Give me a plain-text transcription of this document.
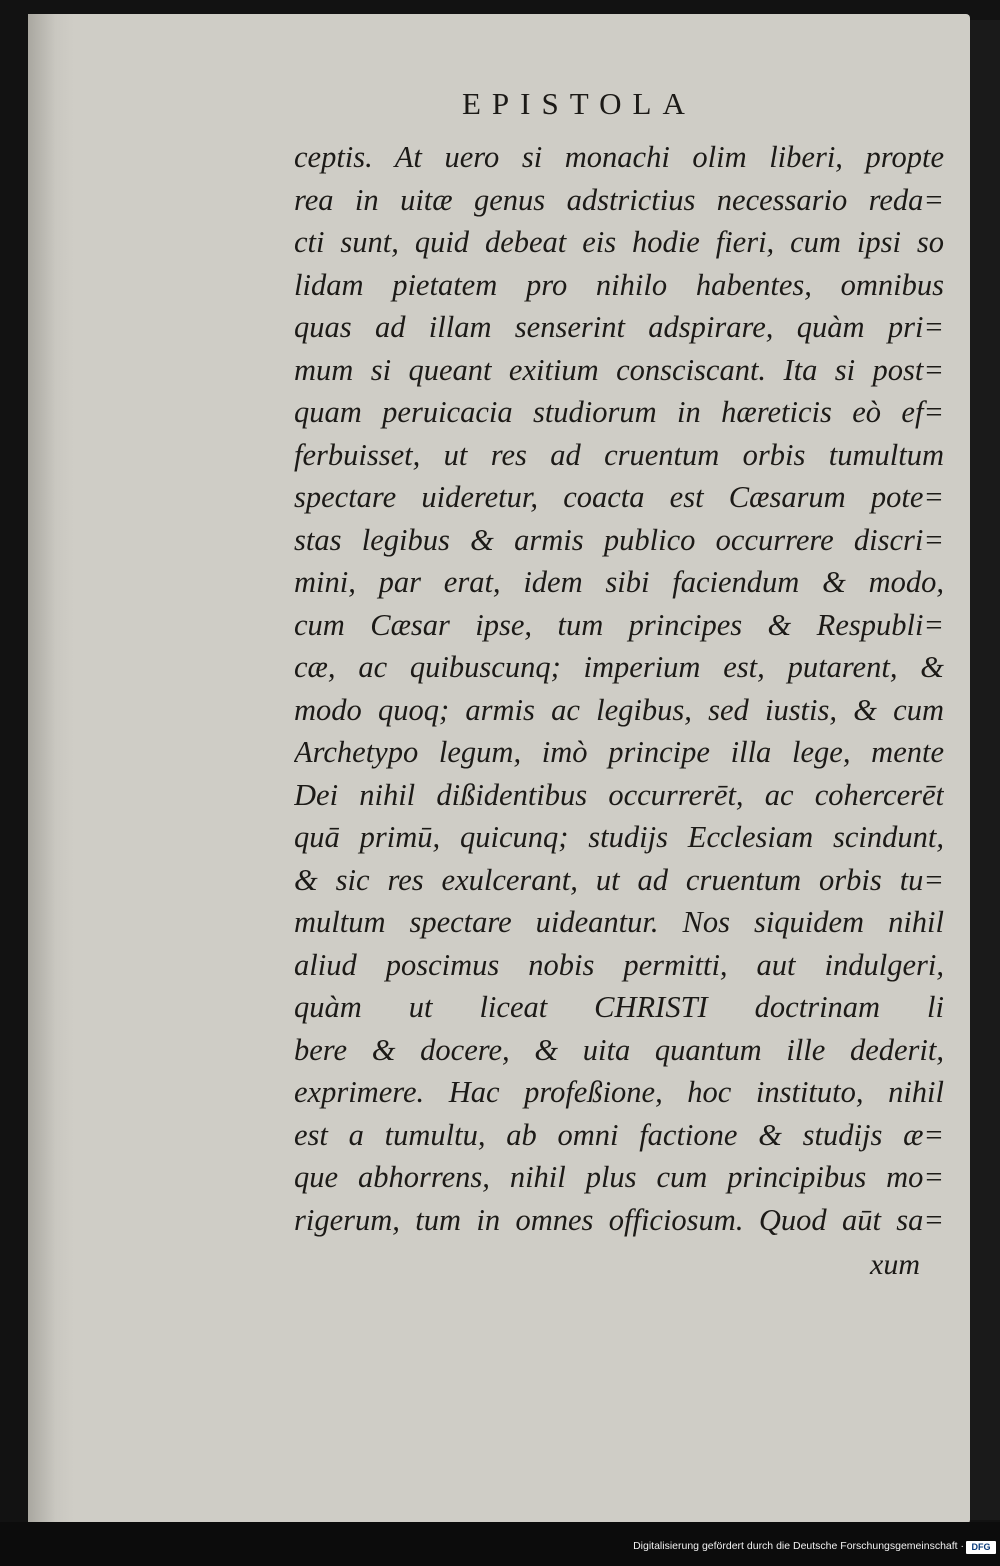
EPISTOLA
ceptis. At uero si monachi olim liberi, propte
rea in uitæ genus adstrictius necessario reda=
cti sunt, quid debeat eis hodie fieri, cum ipsi so
lidam pietatem pro nihilo habentes, omnibus
quas ad illam senserint adspirare, quàm pri=
mum si queant exitium consciscant. Ita si post=
quam peruicacia studiorum in hæreticis eò ef=
ferbuisset, ut res ad cruentum orbis tumultum
spectare uideretur, coacta est Cæsarum pote=
stas legibus & armis publico occurrere discri=
mini, par erat, idem sibi faciendum & modo,
cum Cæsar ipse, tum principes & Respubli=
cæ, ac quibuscunq; imperium est, putarent, &
modo quoq; armis ac legibus, sed iustis, & cum
Archetypo legum, imò principe illa lege, mente
Dei nihil dißidentibus occurrerēt, ac cohercerēt
quā primū, quicunq; studijs Ecclesiam scindunt,
& sic res exulcerant, ut ad cruentum orbis tu=
multum spectare uideantur. Nos siquidem nihil
aliud poscimus nobis permitti, aut indulgeri,
quàm ut liceat CHRISTI doctrinam li
bere & docere, & uita quantum ille dederit,
exprimere. Hac profeßione, hoc instituto, nihil
est a tumultu, ab omni factione & studijs æ=
que abhorrens, nihil plus cum principibus mo=
rigerum, tum in omnes officiosum. Quod aūt sa=
xum
Digitalisierung gefördert durch die Deutsche Forschungsgemeinschaft · DFG
